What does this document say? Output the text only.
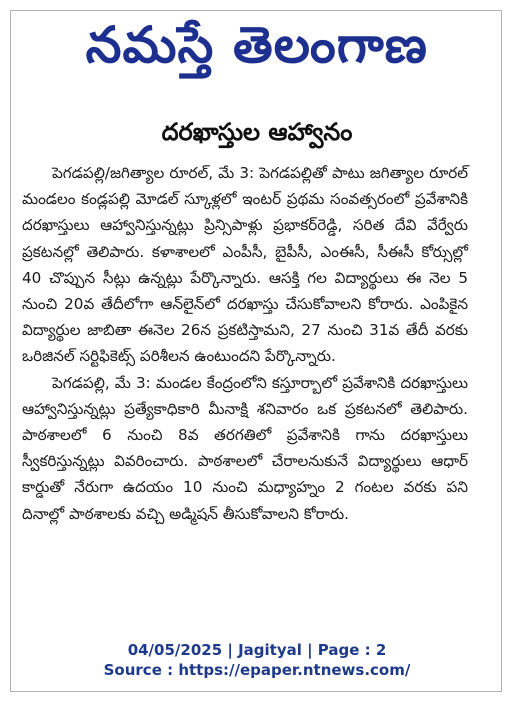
నమస్తే తెలంగాణ
దరఖాస్తుల ఆహ్వానం

పెగడపల్లి/జగిత్యాల రూరల్, మే 3: పెగడపల్లితో పాటు జగిత్యాల రూరల్ మండలం కండ్లపల్లి మోడల్ స్కూళ్లలో ఇంటర్ ప్రథమ సంవత్సరంలో ప్రవేశానికి దరఖాస్తులు ఆహ్వానిస్తున్నట్లు ప్రిన్సిపాళ్లు ప్రభాకర్‌రెడ్డి, సరిత దేవి వేర్వేరు ప్రకటనల్లో తెలిపారు. కళాశాలలో ఎంపీసీ, బైపీసీ, ఎంఈసీ, సీఈసీ కోర్సుల్లో 40 చొప్పున సీట్లు ఉన్నట్లు పేర్కొన్నారు. ఆసక్తి గల విద్యార్థులు ఈ నెల 5 నుంచి 20వ తేదీలోగా ఆన్‌లైన్‌లో దరఖాస్తు చేసుకోవాలని కోరారు. ఎంపికైన విద్యార్థుల జాబితా ఈనెల 26న ప్రకటిస్తామని, 27 నుంచి 31వ తేదీ వరకు ఒరిజినల్ సర్టిఫికెట్స్ పరిశీలన ఉంటుందని పేర్కొన్నారు.

పెగడపల్లి, మే 3: మండల కేంద్రంలోని కస్తూర్బాలో ప్రవేశానికి దరఖాస్తులు ఆహ్వానిస్తున్నట్లు ప్రత్యేకాధికారి మీనాక్షి శనివారం ఒక ప్రకటనలో తెలిపారు. పాఠశాలలో 6 నుంచి 8వ తరగతిలో ప్రవేశానికి గాను దరఖాస్తులు స్వీకరిస్తున్నట్లు వివరించారు. పాఠశాలలో చేరాలనుకునే విద్యార్థులు ఆధార్ కార్డుతో నేరుగా ఉదయం 10 నుంచి మధ్యాహ్నం 2 గంటల వరకు పని దినాల్లో పాఠశాలకు వచ్చి అడ్మిషన్ తీసుకోవాలని కోరారు.

04/05/2025 | Jagityal | Page : 2
Source : https://epaper.ntnews.com/
